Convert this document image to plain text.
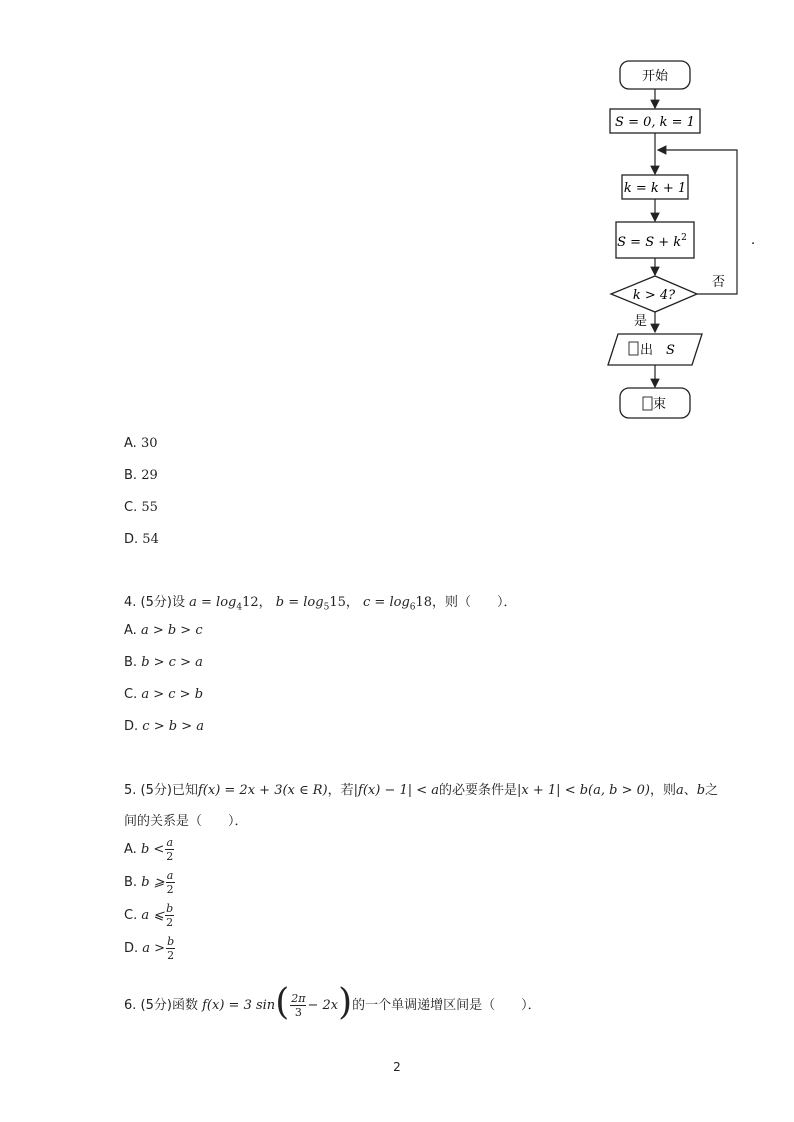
开始
S = 0, k = 1
k = k + 1
$S = S + k^2$
k > 4?
否
是
出 S
束
.
A. 30
B. 29
C. 55
D. 54
4. (5分)设 $a = \log_412$， $b = \log_515$， $c = \log_618$，则（　　）．
A. a > b > c
B. b > c > a
C. a > c > b
D. c > b > a
5. (5分)已知f(x) = 2x + 3(x ∈ R)，若|f(x) − 1| < a的必要条件是|x + 1| < b(a, b > 0)，则a、b之
间的关系是（　　）．
A. $b < \frac{a}{2}$
B. b ⩾ $\frac{a}{2}$
C. a ⩽ $\frac{b}{2}$
D. $a > \frac{b}{2}$
6. (5分)函数 f(x) = 3 $\sin( \frac{2\pi}{3} - 2x)$的一个单调递增区间是（　　）．
2
